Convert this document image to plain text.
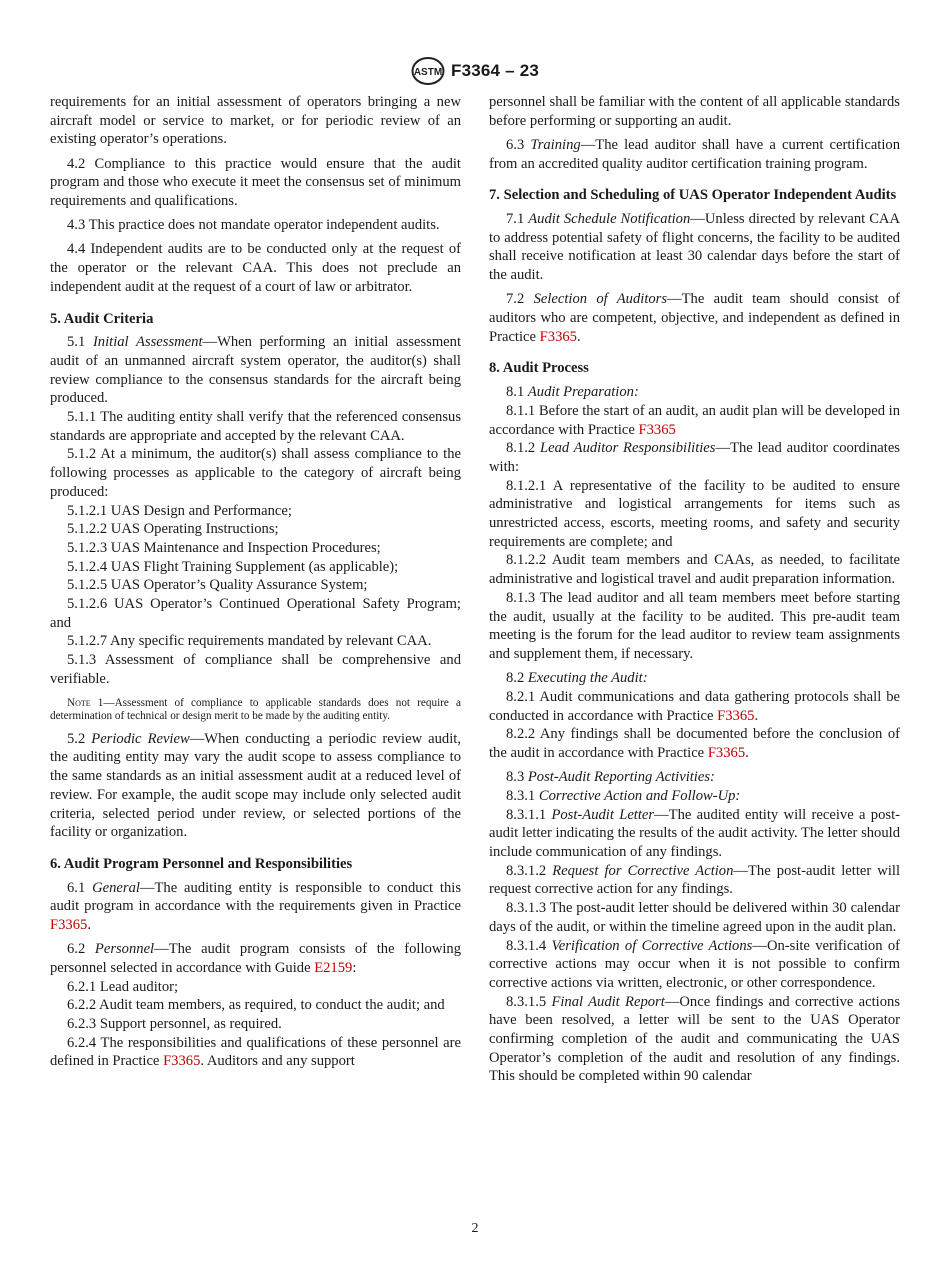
ASTM F3364 – 23

requirements for an initial assessment of operators bringing a new aircraft model or service to market, or for periodic review of an existing operator’s operations.

4.2 Compliance to this practice would ensure that the audit program and those who execute it meet the consensus set of minimum requirements and qualifications.

4.3 This practice does not mandate operator independent audits.

4.4 Independent audits are to be conducted only at the request of the operator or the relevant CAA. This does not preclude an independent audit at the request of a court of law or arbitrator.

5. Audit Criteria

5.1 Initial Assessment—When performing an initial assessment audit of an unmanned aircraft system operator, the auditor(s) shall review compliance to the consensus standards for the aircraft being produced.

5.1.1 The auditing entity shall verify that the referenced consensus standards are appropriate and accepted by the relevant CAA.

5.1.2 At a minimum, the auditor(s) shall assess compliance to the following processes as applicable to the category of aircraft being produced:

5.1.2.1 UAS Design and Performance;

5.1.2.2 UAS Operating Instructions;

5.1.2.3 UAS Maintenance and Inspection Procedures;

5.1.2.4 UAS Flight Training Supplement (as applicable);

5.1.2.5 UAS Operator’s Quality Assurance System;

5.1.2.6 UAS Operator’s Continued Operational Safety Program; and

5.1.2.7 Any specific requirements mandated by relevant CAA.

5.1.3 Assessment of compliance shall be comprehensive and verifiable.

Note 1—Assessment of compliance to applicable standards does not require a determination of technical or design merit to be made by the auditing entity.

5.2 Periodic Review—When conducting a periodic review audit, the auditing entity may vary the audit scope to assess compliance to the same standards as an initial assessment audit at a reduced level of review. For example, the audit scope may include only selected audit criteria, selected period under review, or selected portions of the facility or organization.

6. Audit Program Personnel and Responsibilities

6.1 General—The auditing entity is responsible to conduct this audit program in accordance with the requirements given in Practice F3365.

6.2 Personnel—The audit program consists of the following personnel selected in accordance with Guide E2159:

6.2.1 Lead auditor;

6.2.2 Audit team members, as required, to conduct the audit; and

6.2.3 Support personnel, as required.

6.2.4 The responsibilities and qualifications of these personnel are defined in Practice F3365. Auditors and any support

personnel shall be familiar with the content of all applicable standards before performing or supporting an audit.

6.3 Training—The lead auditor shall have a current certification from an accredited quality auditor certification training program.

7. Selection and Scheduling of UAS Operator Independent Audits

7.1 Audit Schedule Notification—Unless directed by relevant CAA to address potential safety of flight concerns, the facility to be audited shall receive notification at least 30 calendar days before the start of the audit.

7.2 Selection of Auditors—The audit team should consist of auditors who are competent, objective, and independent as defined in Practice F3365.

8. Audit Process

8.1 Audit Preparation:

8.1.1 Before the start of an audit, an audit plan will be developed in accordance with Practice F3365

8.1.2 Lead Auditor Responsibilities—The lead auditor coordinates with:

8.1.2.1 A representative of the facility to be audited to ensure administrative and logistical arrangements for items such as unrestricted access, escorts, meeting rooms, and safety and security requirements are complete; and

8.1.2.2 Audit team members and CAAs, as needed, to facilitate administrative and logistical travel and audit preparation information.

8.1.3 The lead auditor and all team members meet before starting the audit, usually at the facility to be audited. This pre-audit team meeting is the forum for the lead auditor to review team assignments and supplement them, if necessary.

8.2 Executing the Audit:

8.2.1 Audit communications and data gathering protocols shall be conducted in accordance with Practice F3365.

8.2.2 Any findings shall be documented before the conclusion of the audit in accordance with Practice F3365.

8.3 Post-Audit Reporting Activities:

8.3.1 Corrective Action and Follow-Up:

8.3.1.1 Post-Audit Letter—The audited entity will receive a post-audit letter indicating the results of the audit activity. The letter should include communication of any findings.

8.3.1.2 Request for Corrective Action—The post-audit letter will request corrective action for any findings.

8.3.1.3 The post-audit letter should be delivered within 30 calendar days of the audit, or within the timeline agreed upon in the audit plan.

8.3.1.4 Verification of Corrective Actions—On-site verification of corrective actions may occur when it is not possible to confirm corrective actions via written, electronic, or other correspondence.

8.3.1.5 Final Audit Report—Once findings and corrective actions have been resolved, a letter will be sent to the UAS Operator confirming completion of the audit and communicating the UAS Operator’s completion of the audit and resolution of any findings. This should be completed within 90 calendar

2
